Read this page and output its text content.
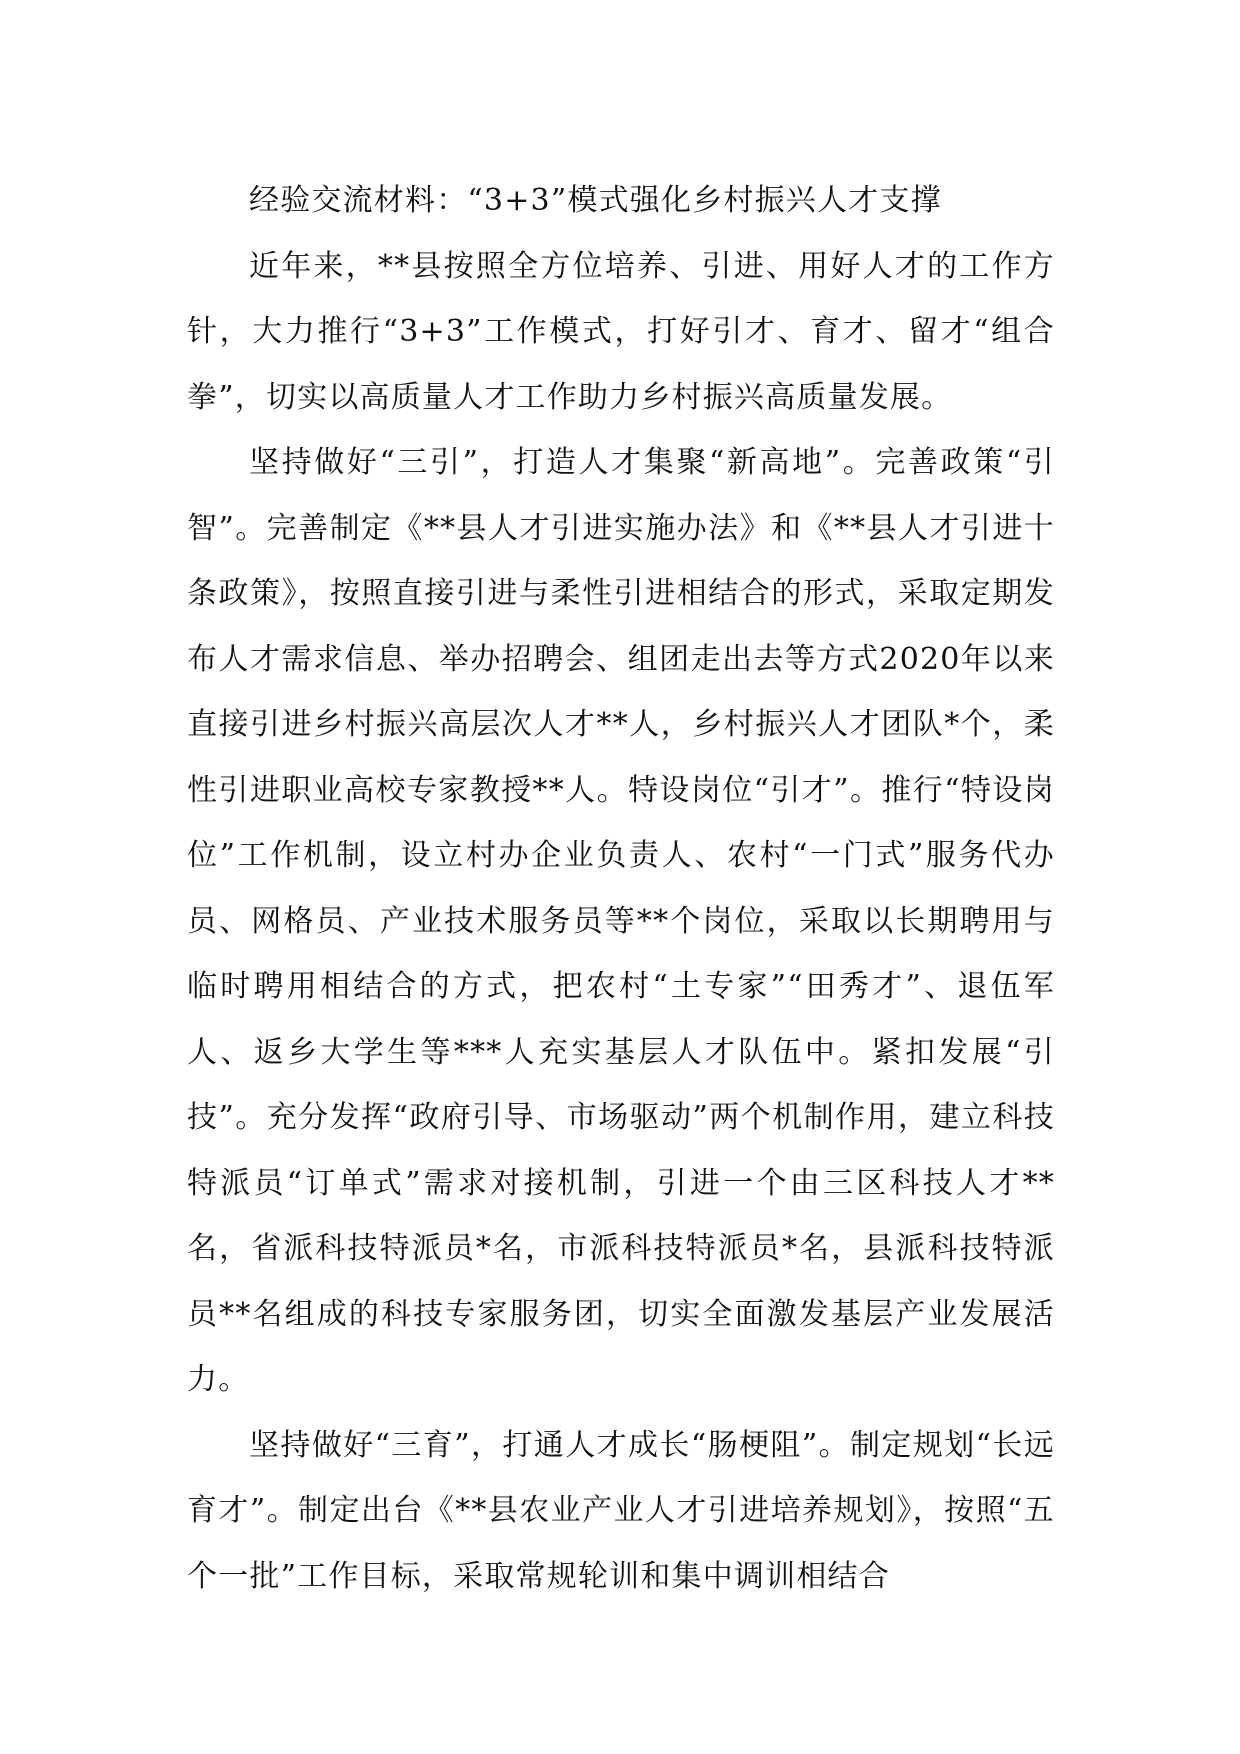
经验交流材料：“3+3”模式强化乡村振兴人才支撑

近年来，**县按照全方位培养、引进、用好人才的工作方针，大力推行“3+3”工作模式，打好引才、育才、留才“组合拳”，切实以高质量人才工作助力乡村振兴高质量发展。

坚持做好“三引”，打造人才集聚“新高地”。完善政策“引智”。完善制定《**县人才引进实施办法》和《**县人才引进十条政策》，按照直接引进与柔性引进相结合的形式，采取定期发布人才需求信息、举办招聘会、组团走出去等方式2020年以来直接引进乡村振兴高层次人才**人，乡村振兴人才团队*个，柔性引进职业高校专家教授**人。特设岗位“引才”。推行“特设岗位”工作机制，设立村办企业负责人、农村“一门式”服务代办员、网格员、产业技术服务员等**个岗位，采取以长期聘用与临时聘用相结合的方式，把农村“土专家”“田秀才”、退伍军人、返乡大学生等***人充实基层人才队伍中。紧扣发展“引技”。充分发挥“政府引导、市场驱动”两个机制作用，建立科技特派员“订单式”需求对接机制，引进一个由三区科技人才**名，省派科技特派员*名，市派科技特派员*名，县派科技特派员**名组成的科技专家服务团，切实全面激发基层产业发展活力。

坚持做好“三育”，打通人才成长“肠梗阻”。制定规划“长远育才”。制定出台《**县农业产业人才引进培养规划》，按照“五个一批”工作目标，采取常规轮训和集中调训相结合
